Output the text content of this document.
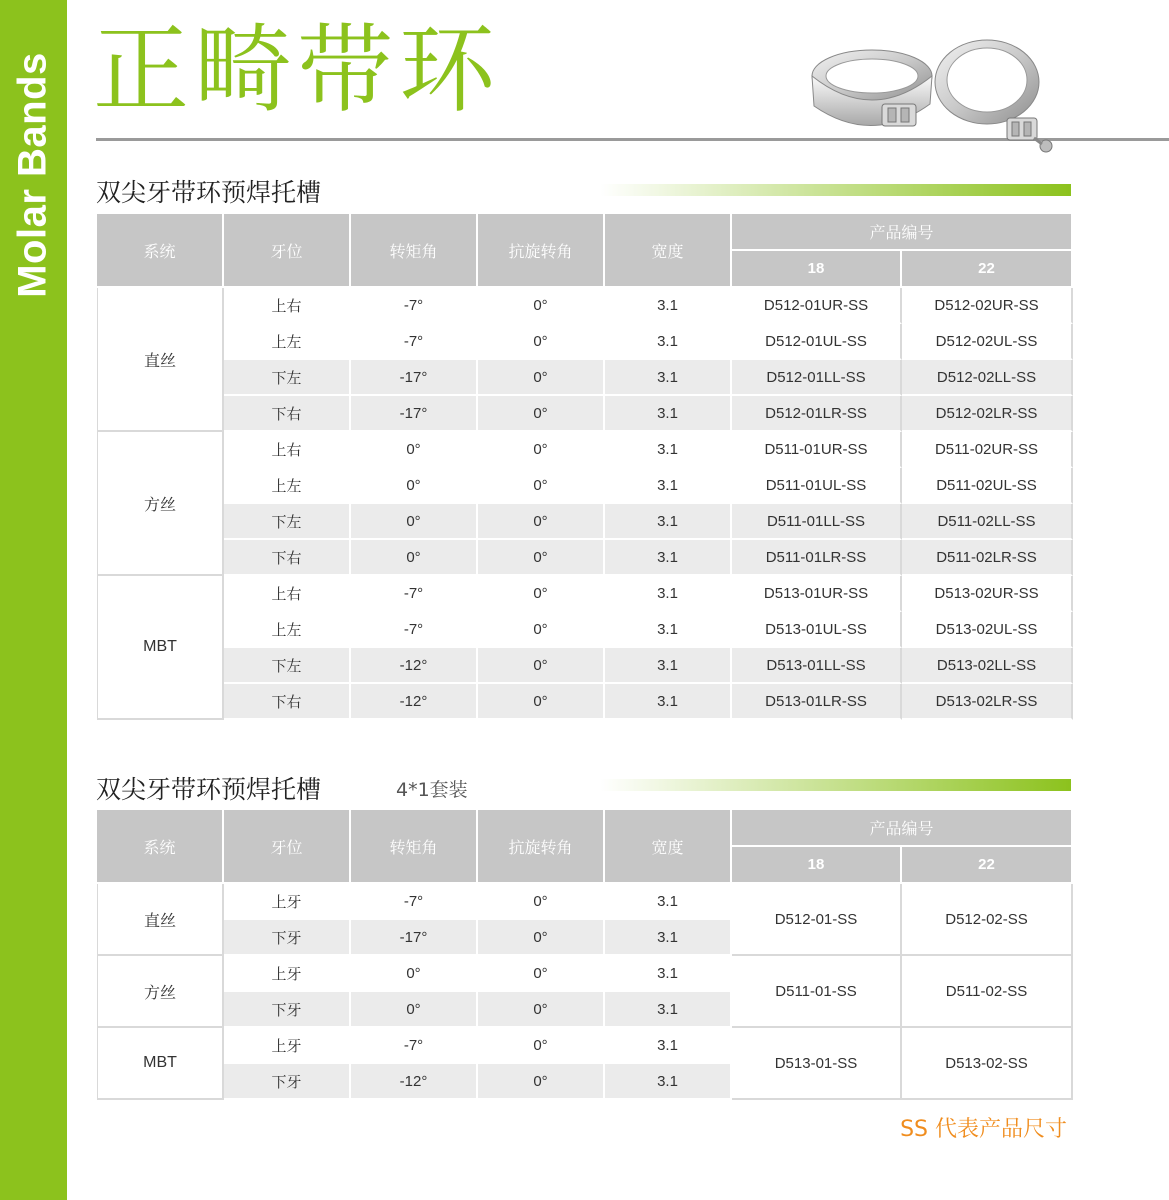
Molar Bands 正畸带环
双尖牙带环预焊托槽
系统	牙位	转矩角	抗旋转角	宽度	产品编号	
					18	22
直丝	上右	-7°	0°	3.1	D512-01UR-SS	D512-02UR-SS
	上左	-7°	0°	3.1	D512-01UL-SS	D512-02UL-SS
	下左	-17°	0°	3.1	D512-01LL-SS	D512-02LL-SS
	下右	-17°	0°	3.1	D512-01LR-SS	D512-02LR-SS
方丝	上右	0°	0°	3.1	D511-01UR-SS	D511-02UR-SS
	上左	0°	0°	3.1	D511-01UL-SS	D511-02UL-SS
	下左	0°	0°	3.1	D511-01LL-SS	D511-02LL-SS
	下右	0°	0°	3.1	D511-01LR-SS	D511-02LR-SS
MBT	上右	-7°	0°	3.1	D513-01UR-SS	D513-02UR-SS
	上左	-7°	0°	3.1	D513-01UL-SS	D513-02UL-SS
	下左	-12°	0°	3.1	D513-01LL-SS	D513-02LL-SS
	下右	-12°	0°	3.1	D513-01LR-SS	D513-02LR-SS
双尖牙带环预焊托槽	4*1套装
系统	牙位	转矩角	抗旋转角	宽度	产品编号	
					18	22
直丝	上牙	-7°	0°	3.1	D512-01-SS	D512-02-SS
	下牙	-17°	0°	3.1		
方丝	上牙	0°	0°	3.1	D511-01-SS	D511-02-SS
	下牙	0°	0°	3.1		
MBT	上牙	-7°	0°	3.1	D513-01-SS	D513-02-SS
	下牙	-12°	0°	3.1		
SS 代表产品尺寸
